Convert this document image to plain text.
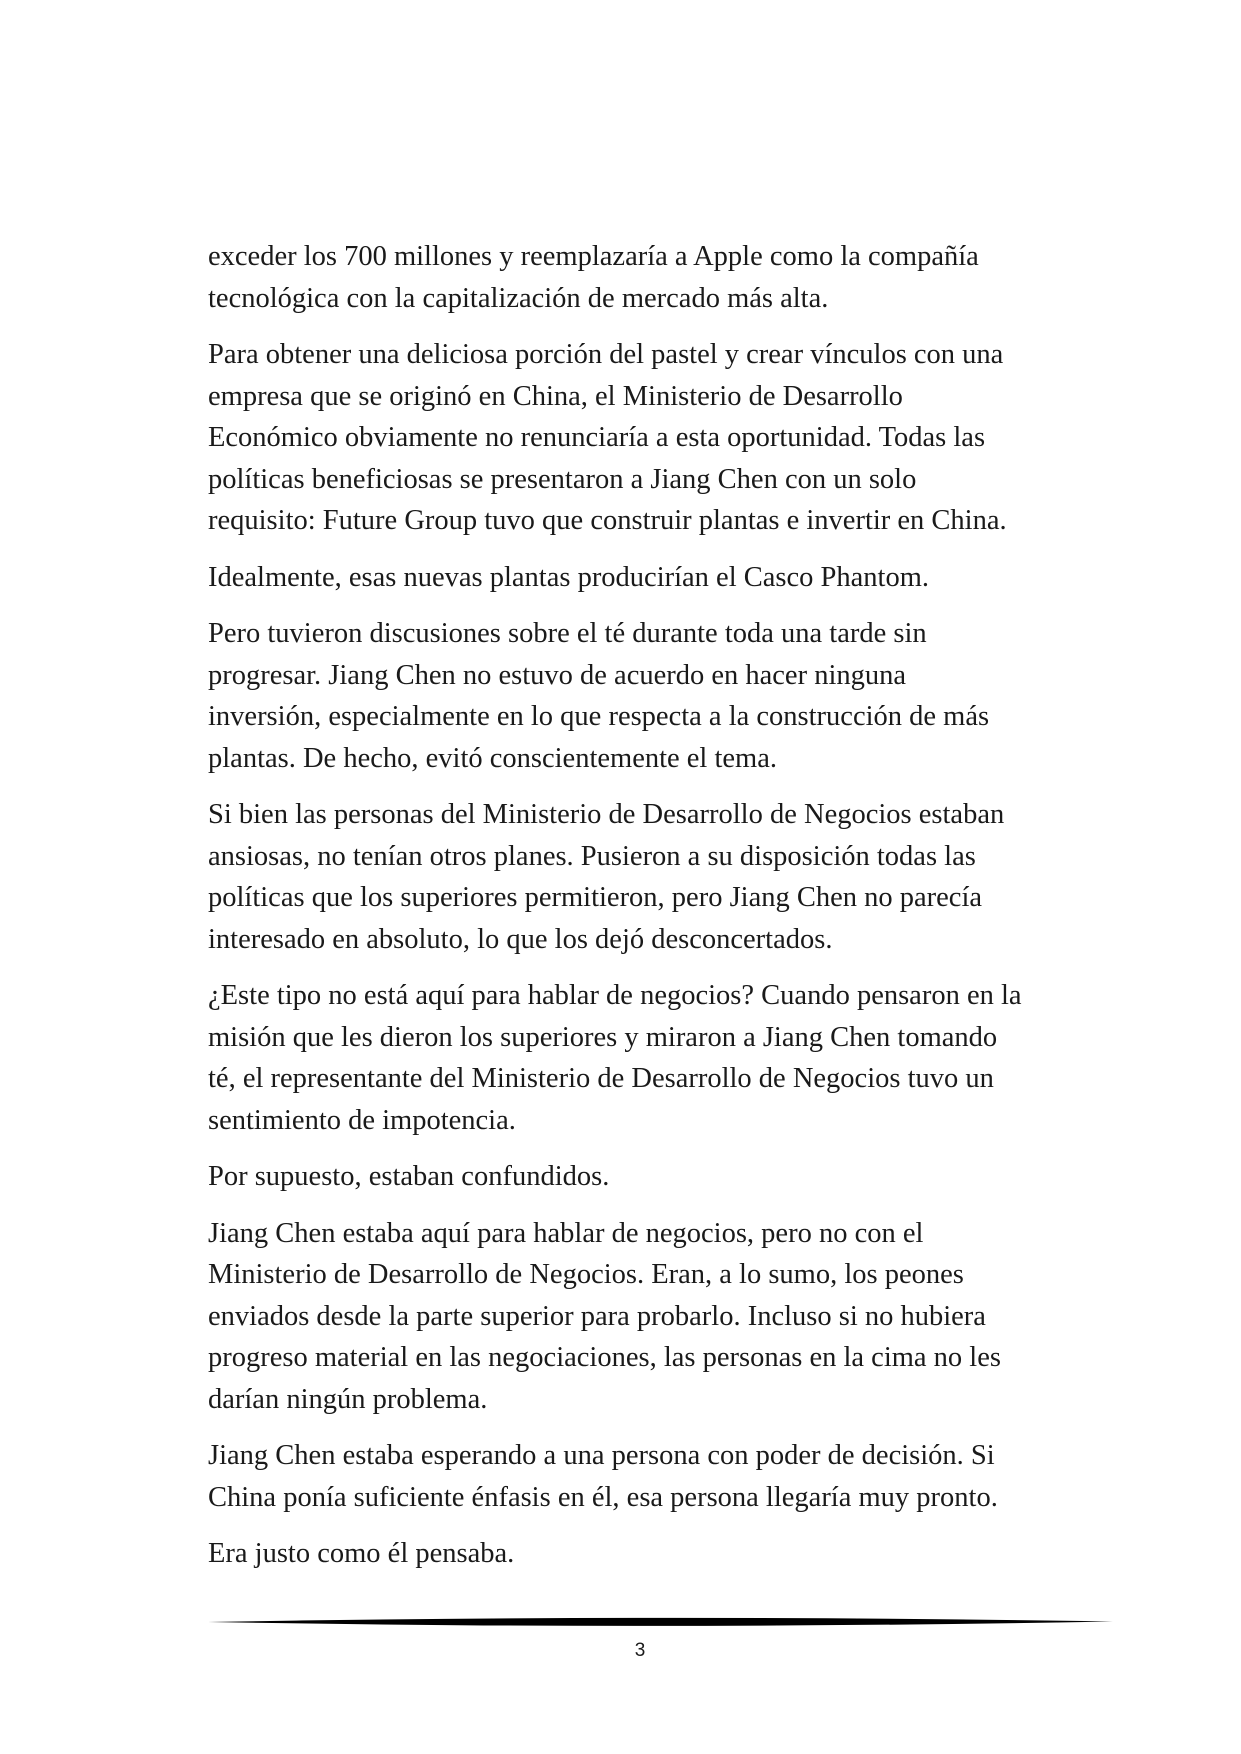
exceder los 700 millones y reemplazaría a Apple como la compañía
tecnológica con la capitalización de mercado más alta.

Para obtener una deliciosa porción del pastel y crear vínculos con una
empresa que se originó en China, el Ministerio de Desarrollo
Económico obviamente no renunciaría a esta oportunidad. Todas las
políticas beneficiosas se presentaron a Jiang Chen con un solo
requisito: Future Group tuvo que construir plantas e invertir en China.

Idealmente, esas nuevas plantas producirían el Casco Phantom.

Pero tuvieron discusiones sobre el té durante toda una tarde sin
progresar. Jiang Chen no estuvo de acuerdo en hacer ninguna
inversión, especialmente en lo que respecta a la construcción de más
plantas. De hecho, evitó conscientemente el tema.

Si bien las personas del Ministerio de Desarrollo de Negocios estaban
ansiosas, no tenían otros planes. Pusieron a su disposición todas las
políticas que los superiores permitieron, pero Jiang Chen no parecía
interesado en absoluto, lo que los dejó desconcertados.

¿Este tipo no está aquí para hablar de negocios? Cuando pensaron en la
misión que les dieron los superiores y miraron a Jiang Chen tomando
té, el representante del Ministerio de Desarrollo de Negocios tuvo un
sentimiento de impotencia.

Por supuesto, estaban confundidos.

Jiang Chen estaba aquí para hablar de negocios, pero no con el
Ministerio de Desarrollo de Negocios. Eran, a lo sumo, los peones
enviados desde la parte superior para probarlo. Incluso si no hubiera
progreso material en las negociaciones, las personas en la cima no les
darían ningún problema.

Jiang Chen estaba esperando a una persona con poder de decisión. Si
China ponía suficiente énfasis en él, esa persona llegaría muy pronto.

Era justo como él pensaba.

3
